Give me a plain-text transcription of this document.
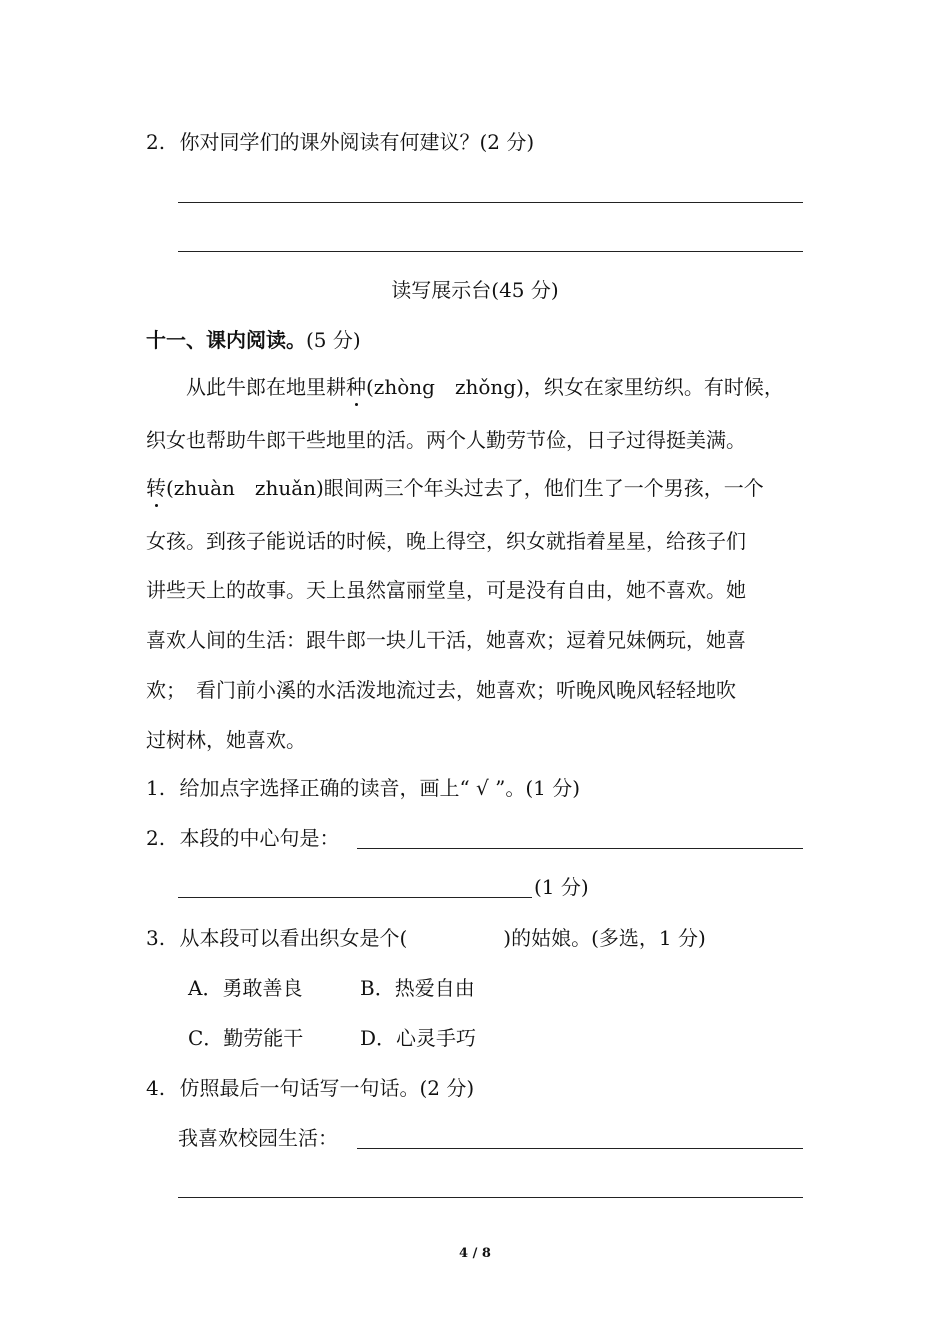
2. 你对同学们的课外阅读有何建议？(2 分)
读写展示台(45 分)
十一、课内阅读。(5 分)
从此牛郎在地里耕种(zhòng　zhǒng)，织女在家里纺织。有时候，
织女也帮助牛郎干些地里的活。两个人勤劳节俭，日子过得挺美满。
转(zhuàn　zhuǎn)眼间两三个年头过去了，他们生了一个男孩，一个
女孩。到孩子能说话的时候，晚上得空，织女就指着星星，给孩子们
讲些天上的故事。天上虽然富丽堂皇，可是没有自由，她不喜欢。她
喜欢人间的生活：跟牛郎一块儿干活，她喜欢；逗着兄妹俩玩，她喜
欢；　看门前小溪的水活泼地流过去，她喜欢；听晚风晚风轻轻地吹
过树林，她喜欢。
1. 给加点字选择正确的读音，画上“ √ ”。(1 分)
2. 本段的中心句是：
(1 分)
3. 从本段可以看出织女是个(	)的姑娘。(多选，1 分)
A．勇敢善良	B．热爱自由
C．勤劳能干	D．心灵手巧
4. 仿照最后一句话写一句话。(2 分)
我喜欢校园生活：
4 / 8
